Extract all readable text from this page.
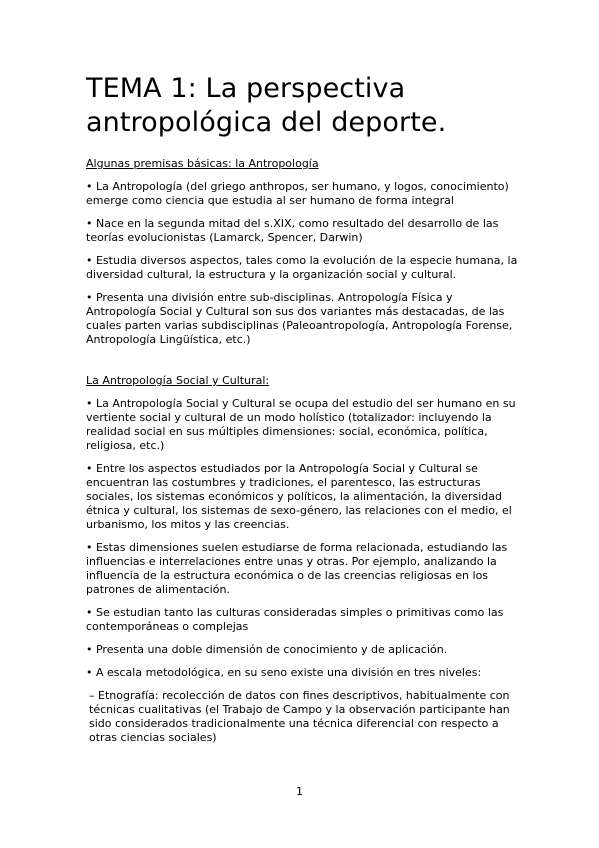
TEMA 1: La perspectiva
antropológica del deporte.

Algunas premisas básicas: la Antropología

• La Antropología (del griego anthropos, ser humano, y logos, conocimiento) emerge como ciencia que estudia al ser humano de forma integral

• Nace en la segunda mitad del s.XIX, como resultado del desarrollo de las teorías evolucionistas (Lamarck, Spencer, Darwin)

• Estudia diversos aspectos, tales como la evolución de la especie humana, la diversidad cultural, la estructura y la organización social y cultural.

• Presenta una división entre sub-disciplinas. Antropología Física y Antropología Social y Cultural son sus dos variantes más destacadas, de las cuales parten varias subdisciplinas (Paleoantropología, Antropología Forense, Antropología Lingüística, etc.)

La Antropología Social y Cultural:

• La Antropología Social y Cultural se ocupa del estudio del ser humano en su vertiente social y cultural de un modo holístico (totalizador: incluyendo la realidad social en sus múltiples dimensiones: social, económica, política, religiosa, etc.)

• Entre los aspectos estudiados por la Antropología Social y Cultural se encuentran las costumbres y tradiciones, el parentesco, las estructuras sociales, los sistemas económicos y políticos, la alimentación, la diversidad étnica y cultural, los sistemas de sexo-género, las relaciones con el medio, el urbanismo, los mitos y las creencias.

• Estas dimensiones suelen estudiarse de forma relacionada, estudiando las influencias e interrelaciones entre unas y otras. Por ejemplo, analizando la influencia de la estructura económica o de las creencias religiosas en los patrones de alimentación.

• Se estudian tanto las culturas consideradas simples o primitivas como las contemporáneas o complejas

• Presenta una doble dimensión de conocimiento y de aplicación.

• A escala metodológica, en su seno existe una división en tres niveles:

– Etnografía: recolección de datos con fines descriptivos, habitualmente con técnicas cualitativas (el Trabajo de Campo y la observación participante han sido considerados tradicionalmente una técnica diferencial con respecto a otras ciencias sociales)

1
